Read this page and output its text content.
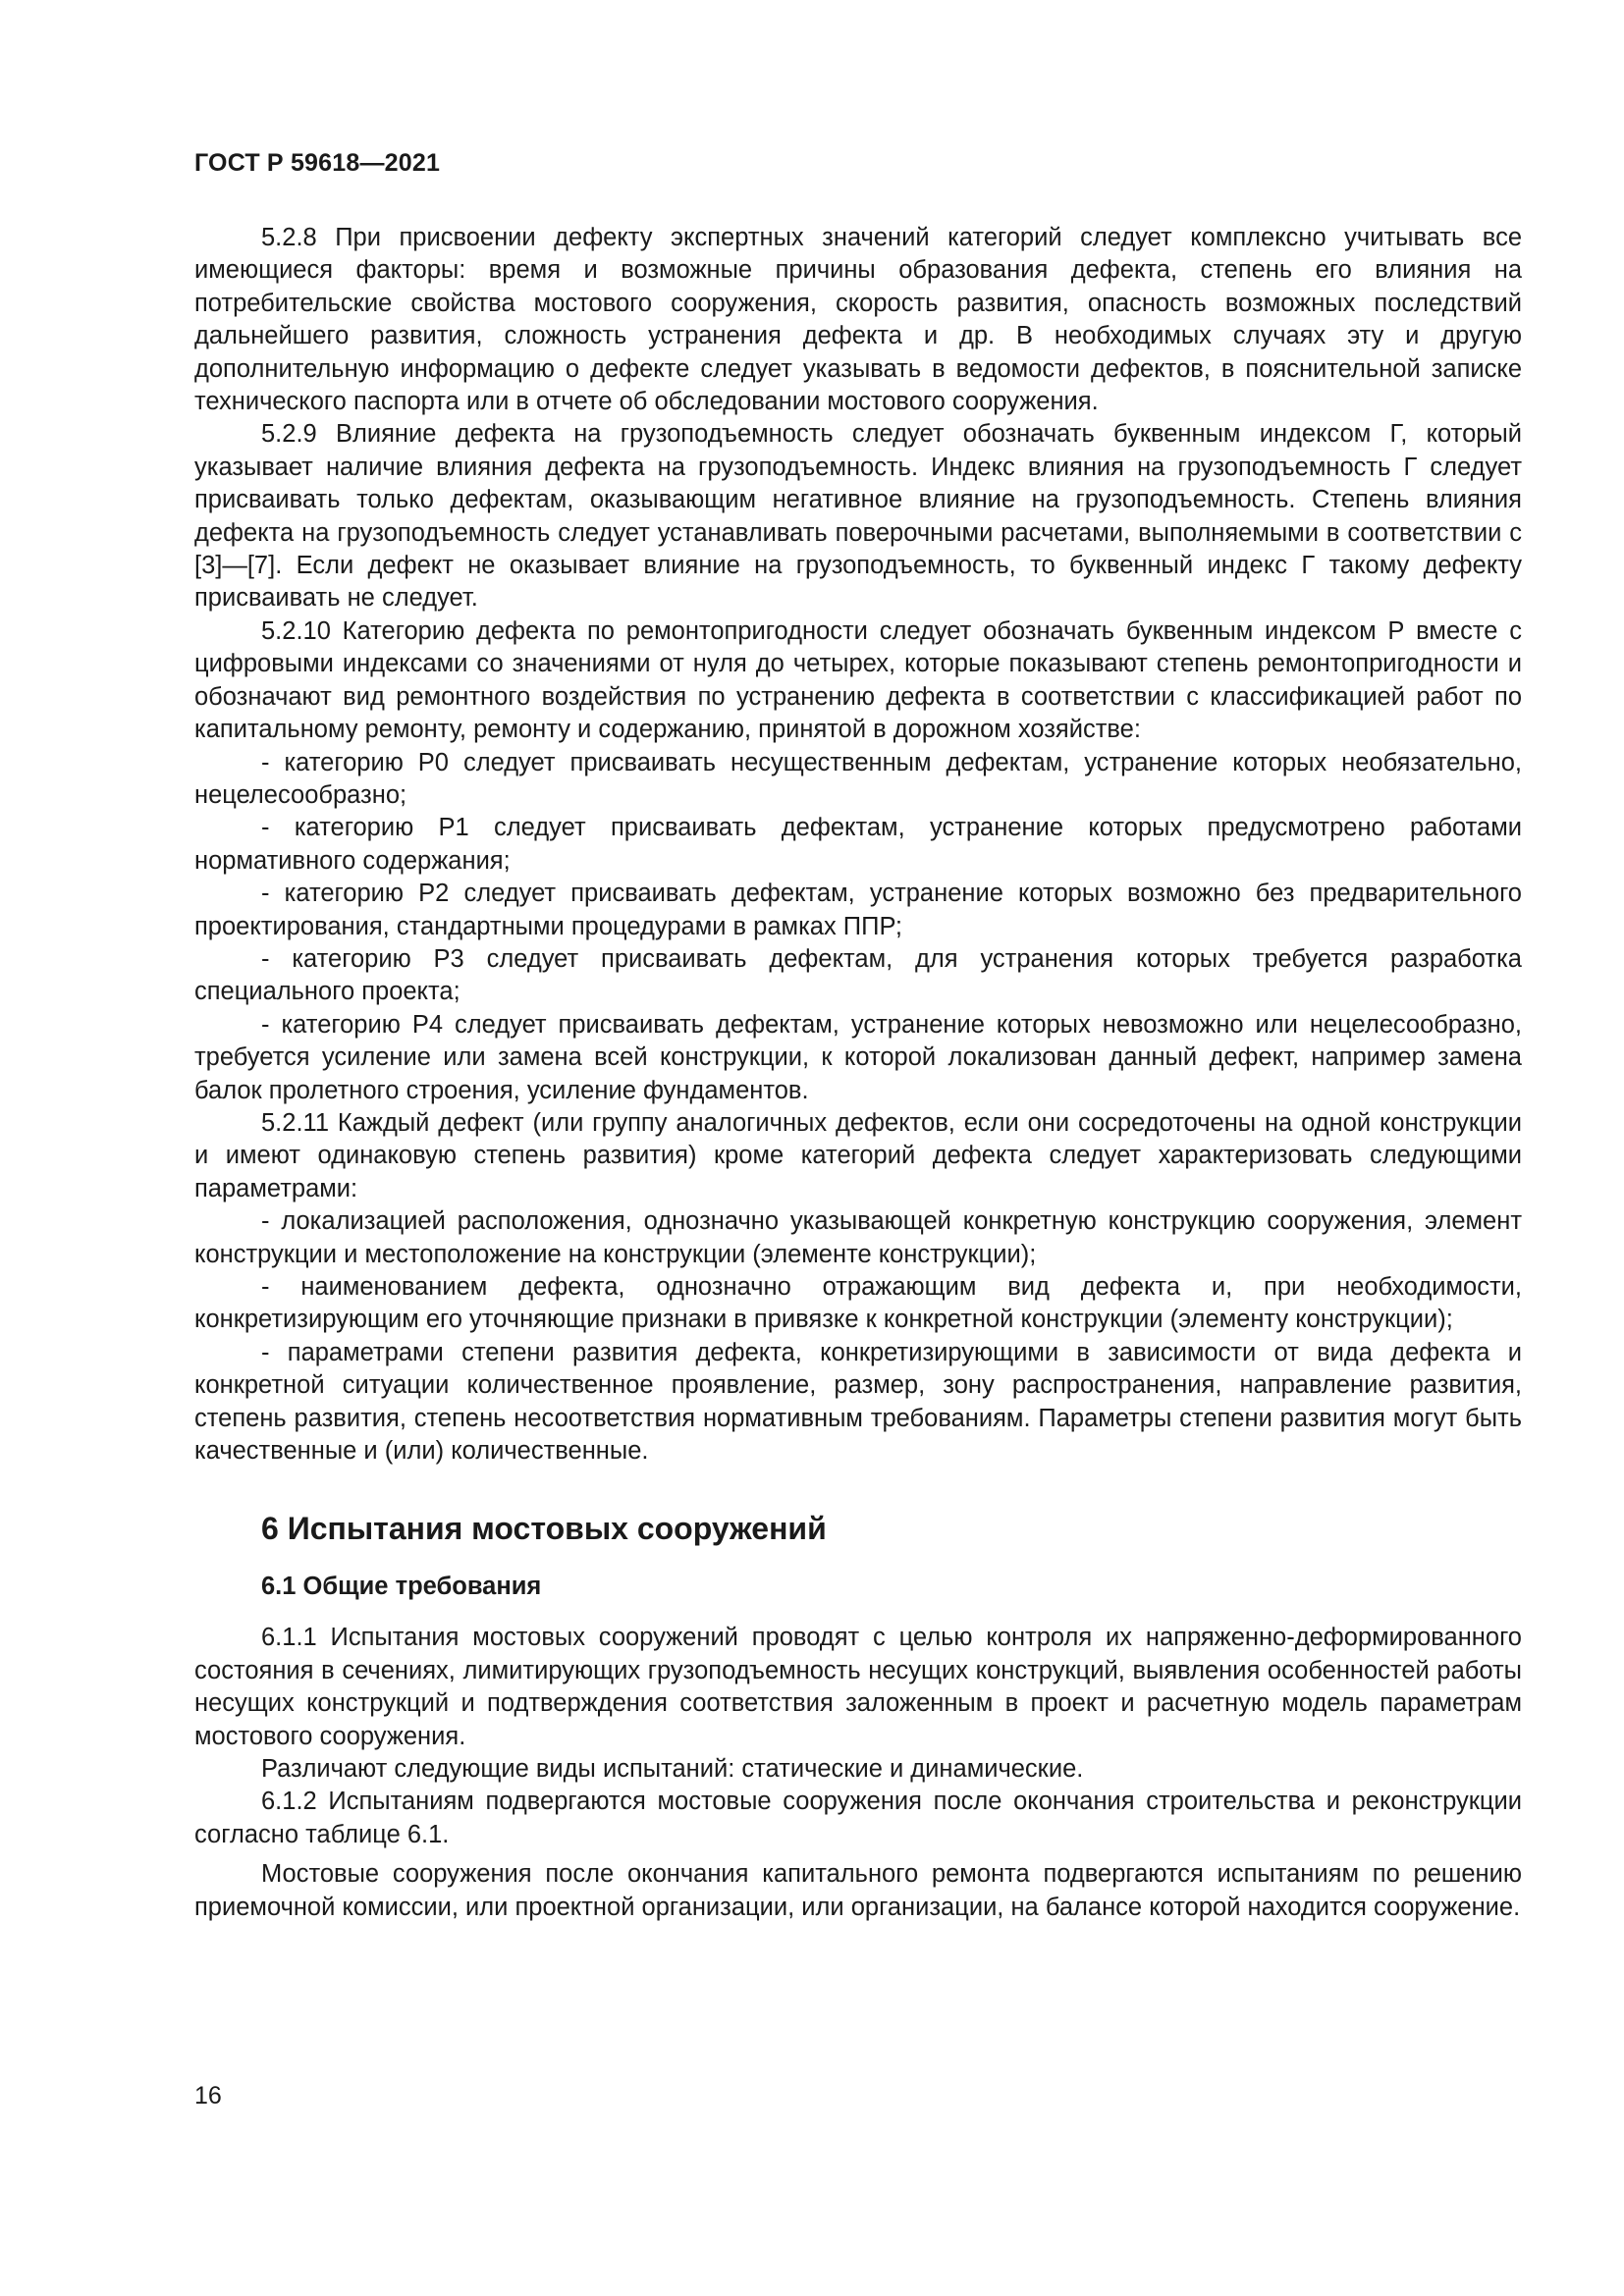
ГОСТ Р 59618—2021

5.2.8 При присвоении дефекту экспертных значений категорий следует комплексно учитывать все имеющиеся факторы: время и возможные причины образования дефекта, степень его влияния на потребительские свойства мостового сооружения, скорость развития, опасность возможных последствий дальнейшего развития, сложность устранения дефекта и др. В необходимых случаях эту и другую дополнительную информацию о дефекте следует указывать в ведомости дефектов, в пояснительной записке технического паспорта или в отчете об обследовании мостового сооружения.

5.2.9 Влияние дефекта на грузоподъемность следует обозначать буквенным индексом Г, который указывает наличие влияния дефекта на грузоподъемность. Индекс влияния на грузоподъемность Г следует присваивать только дефектам, оказывающим негативное влияние на грузоподъемность. Степень влияния дефекта на грузоподъемность следует устанавливать поверочными расчетами, выполняемыми в соответствии с [3]—[7]. Если дефект не оказывает влияние на грузоподъемность, то буквенный индекс Г такому дефекту присваивать не следует.

5.2.10 Категорию дефекта по ремонтопригодности следует обозначать буквенным индексом Р вместе с цифровыми индексами со значениями от нуля до четырех, которые показывают степень ремонтопригодности и обозначают вид ремонтного воздействия по устранению дефекта в соответствии с классификацией работ по капитальному ремонту, ремонту и содержанию, принятой в дорожном хозяйстве:

- категорию Р0 следует присваивать несущественным дефектам, устранение которых необязательно, нецелесообразно;

- категорию Р1 следует присваивать дефектам, устранение которых предусмотрено работами нормативного содержания;

- категорию Р2 следует присваивать дефектам, устранение которых возможно без предварительного проектирования, стандартными процедурами в рамках ППР;

- категорию Р3 следует присваивать дефектам, для устранения которых требуется разработка специального проекта;

- категорию Р4 следует присваивать дефектам, устранение которых невозможно или нецелесообразно, требуется усиление или замена всей конструкции, к которой локализован данный дефект, например замена балок пролетного строения, усиление фундаментов.

5.2.11 Каждый дефект (или группу аналогичных дефектов, если они сосредоточены на одной конструкции и имеют одинаковую степень развития) кроме категорий дефекта следует характеризовать следующими параметрами:

- локализацией расположения, однозначно указывающей конкретную конструкцию сооружения, элемент конструкции и местоположение на конструкции (элементе конструкции);

- наименованием дефекта, однозначно отражающим вид дефекта и, при необходимости, конкретизирующим его уточняющие признаки в привязке к конкретной конструкции (элементу конструкции);

- параметрами степени развития дефекта, конкретизирующими в зависимости от вида дефекта и конкретной ситуации количественное проявление, размер, зону распространения, направление развития, степень развития, степень несоответствия нормативным требованиям. Параметры степени развития могут быть качественные и (или) количественные.

6 Испытания мостовых сооружений
6.1 Общие требования

6.1.1 Испытания мостовых сооружений проводят с целью контроля их напряженно-деформированного состояния в сечениях, лимитирующих грузоподъемность несущих конструкций, выявления особенностей работы несущих конструкций и подтверждения соответствия заложенным в проект и расчетную модель параметрам мостового сооружения.

Различают следующие виды испытаний: статические и динамические.

6.1.2 Испытаниям подвергаются мостовые сооружения после окончания строительства и реконструкции согласно таблице 6.1.

Мостовые сооружения после окончания капитального ремонта подвергаются испытаниям по решению приемочной комиссии, или проектной организации, или организации, на балансе которой находится сооружение.

16
